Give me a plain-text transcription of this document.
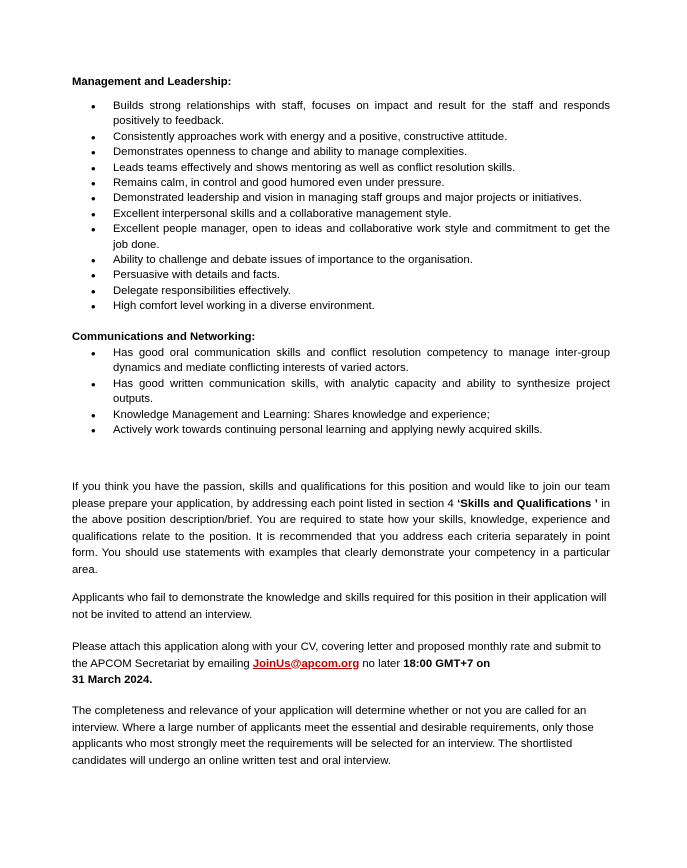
Management and Leadership:
• Builds strong relationships with staff, focuses on impact and result for the staff and responds positively to feedback.
• Consistently approaches work with energy and a positive, constructive attitude.
• Demonstrates openness to change and ability to manage complexities.
• Leads teams effectively and shows mentoring as well as conflict resolution skills.
• Remains calm, in control and good humored even under pressure.
• Demonstrated leadership and vision in managing staff groups and major projects or initiatives.
• Excellent interpersonal skills and a collaborative management style.
• Excellent people manager, open to ideas and collaborative work style and commitment to get the job done.
• Ability to challenge and debate issues of importance to the organisation.
• Persuasive with details and facts.
• Delegate responsibilities effectively.
• High comfort level working in a diverse environment.
Communications and Networking:
• Has good oral communication skills and conflict resolution competency to manage inter-group dynamics and mediate conflicting interests of varied actors.
• Has good written communication skills, with analytic capacity and ability to synthesize project outputs.
• Knowledge Management and Learning: Shares knowledge and experience;
• Actively work towards continuing personal learning and applying newly acquired skills.

If you think you have the passion, skills and qualifications for this position and would like to join our team please prepare your application, by addressing each point listed in section 4 ‘Skills and Qualifications ’ in the above position description/brief. You are required to state how your skills, knowledge, experience and qualifications relate to the position. It is recommended that you address each criteria separately in point form. You should use statements with examples that clearly demonstrate your competency in a particular area.

Applicants who fail to demonstrate the knowledge and skills required for this position in their application will not be invited to attend an interview.

Please attach this application along with your CV, covering letter and proposed monthly rate and submit to the APCOM Secretariat by emailing JoinUs@apcom.org no later 18:00 GMT+7 on
31 March 2024.

The completeness and relevance of your application will determine whether or not you are called for an interview. Where a large number of applicants meet the essential and desirable requirements, only those applicants who most strongly meet the requirements will be selected for an interview. The shortlisted candidates will undergo an online written test and oral interview.
